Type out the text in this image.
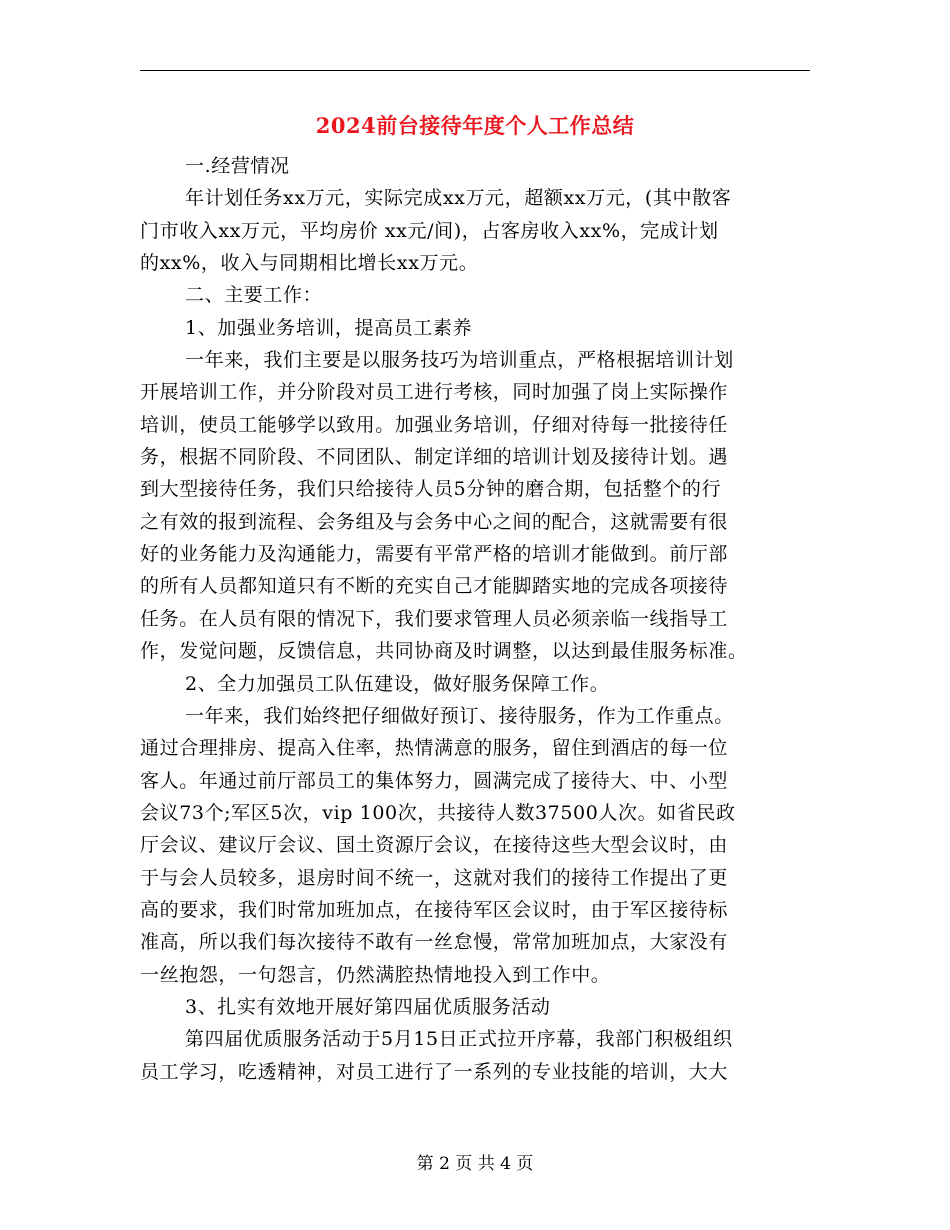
2024前台接待年度个人工作总结
一.经营情况
年计划任务xx万元，实际完成xx万元，超额xx万元，(其中散客
门市收入xx万元，平均房价 xx元/间)，占客房收入xx%，完成计划
的xx%，收入与同期相比增长xx万元。
二、主要工作：
1、加强业务培训，提高员工素养
一年来，我们主要是以服务技巧为培训重点，严格根据培训计划
开展培训工作，并分阶段对员工进行考核，同时加强了岗上实际操作
培训，使员工能够学以致用。加强业务培训，仔细对待每一批接待任
务，根据不同阶段、不同团队、制定详细的培训计划及接待计划。遇
到大型接待任务，我们只给接待人员5分钟的磨合期，包括整个的行
之有效的报到流程、会务组及与会务中心之间的配合，这就需要有很
好的业务能力及沟通能力，需要有平常严格的培训才能做到。前厅部
的所有人员都知道只有不断的充实自己才能脚踏实地的完成各项接待
任务。在人员有限的情况下，我们要求管理人员必须亲临一线指导工
作，发觉问题，反馈信息，共同协商及时调整，以达到最佳服务标准。
2、全力加强员工队伍建设，做好服务保障工作。
一年来，我们始终把仔细做好预订、接待服务，作为工作重点。
通过合理排房、提高入住率，热情满意的服务，留住到酒店的每一位
客人。年通过前厅部员工的集体努力，圆满完成了接待大、中、小型
会议73个;军区5次，vip 100次，共接待人数37500人次。如省民政
厅会议、建议厅会议、国土资源厅会议，在接待这些大型会议时，由
于与会人员较多，退房时间不统一，这就对我们的接待工作提出了更
高的要求，我们时常加班加点，在接待军区会议时，由于军区接待标
准高，所以我们每次接待不敢有一丝怠慢，常常加班加点，大家没有
一丝抱怨，一句怨言，仍然满腔热情地投入到工作中。
3、扎实有效地开展好第四届优质服务活动
第四届优质服务活动于5月15日正式拉开序幕，我部门积极组织
员工学习，吃透精神，对员工进行了一系列的专业技能的培训，大大
第 2 页 共 4 页
